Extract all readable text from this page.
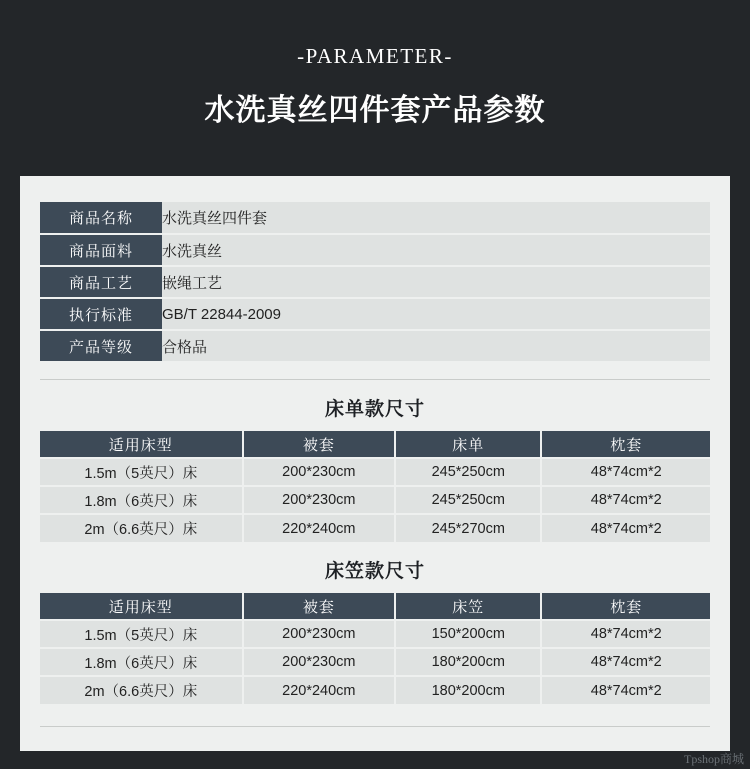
-PARAMETER-

水洗真丝四件套产品参数
商品名称	水洗真丝四件套
商品面料	水洗真丝
商品工艺	嵌绳工艺
执行标准	GB/T 22844-2009
产品等级	合格品
床单款尺寸
适用床型	被套	床单	枕套
1.5m（5英尺）床	200*230cm	245*250cm	48*74cm*2
1.8m（6英尺）床	200*230cm	245*250cm	48*74cm*2
2m（6.6英尺）床	220*240cm	245*270cm	48*74cm*2
床笠款尺寸
适用床型	被套	床笠	枕套
1.5m（5英尺）床	200*230cm	150*200cm	48*74cm*2
1.8m（6英尺）床	200*230cm	180*200cm	48*74cm*2
2m（6.6英尺）床	220*240cm	180*200cm	48*74cm*2
Tpshop商城
